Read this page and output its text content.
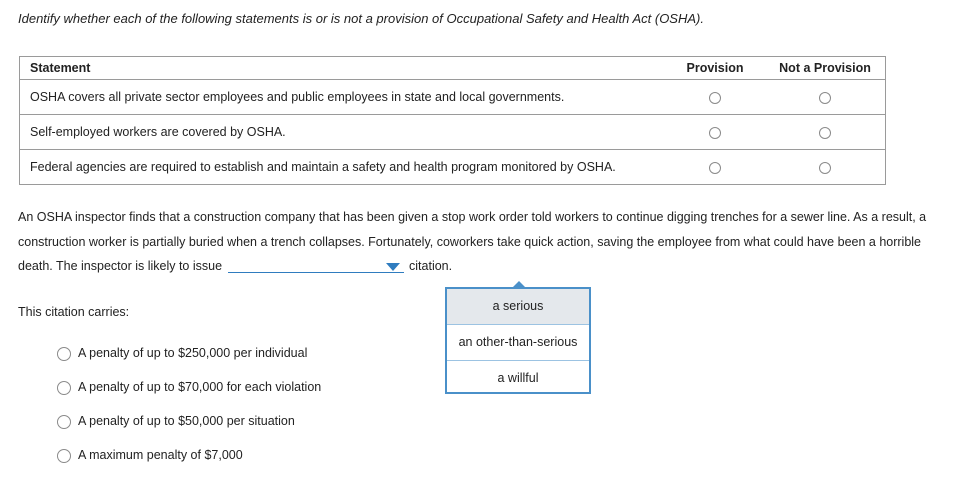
Identify whether each of the following statements is or is not a provision of Occupational Safety and Health Act (OSHA).
Statement	Provision	Not a Provision
OSHA covers all private sector employees and public employees in state and local governments.		
Self-employed workers are covered by OSHA.		
Federal agencies are required to establish and maintain a safety and health program monitored by OSHA.		
An OSHA inspector finds that a construction company that has been given a stop work order told workers to continue digging trenches for a sewer line. As a result, a construction worker is partially buried when a trench collapses. Fortunately, coworkers take quick action, saving the employee from what could have been a horrible death. The inspector is likely to issue	citation.
a serious
an other-than-serious
a willful
This citation carries:
A penalty of up to $250,000 per individual
A penalty of up to $70,000 for each violation
A penalty of up to $50,000 per situation
A maximum penalty of $7,000
